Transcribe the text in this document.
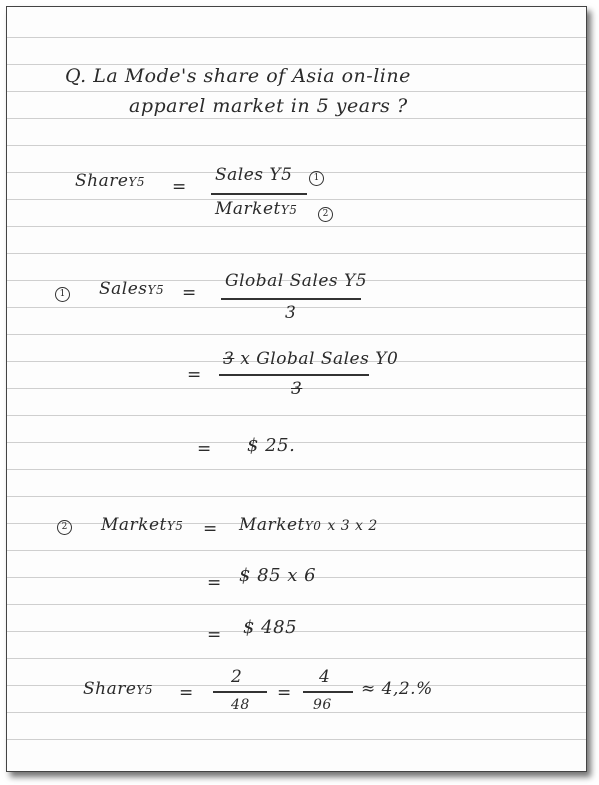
Q. La Mode's share of Asia on-line
apparel market in 5 years ?
ShareY5 =
Sales Y5	1
MarketY5	2
1 SalesY5 =
Global Sales Y5
3
=
3 x Global Sales Y0
3
= $ 25.
2 MarketY5 = MarketY0 x 3 x 2
= $ 85 x 6
= $ 485
ShareY5 =
2
48
=
4
96
≈ 4,2.%
